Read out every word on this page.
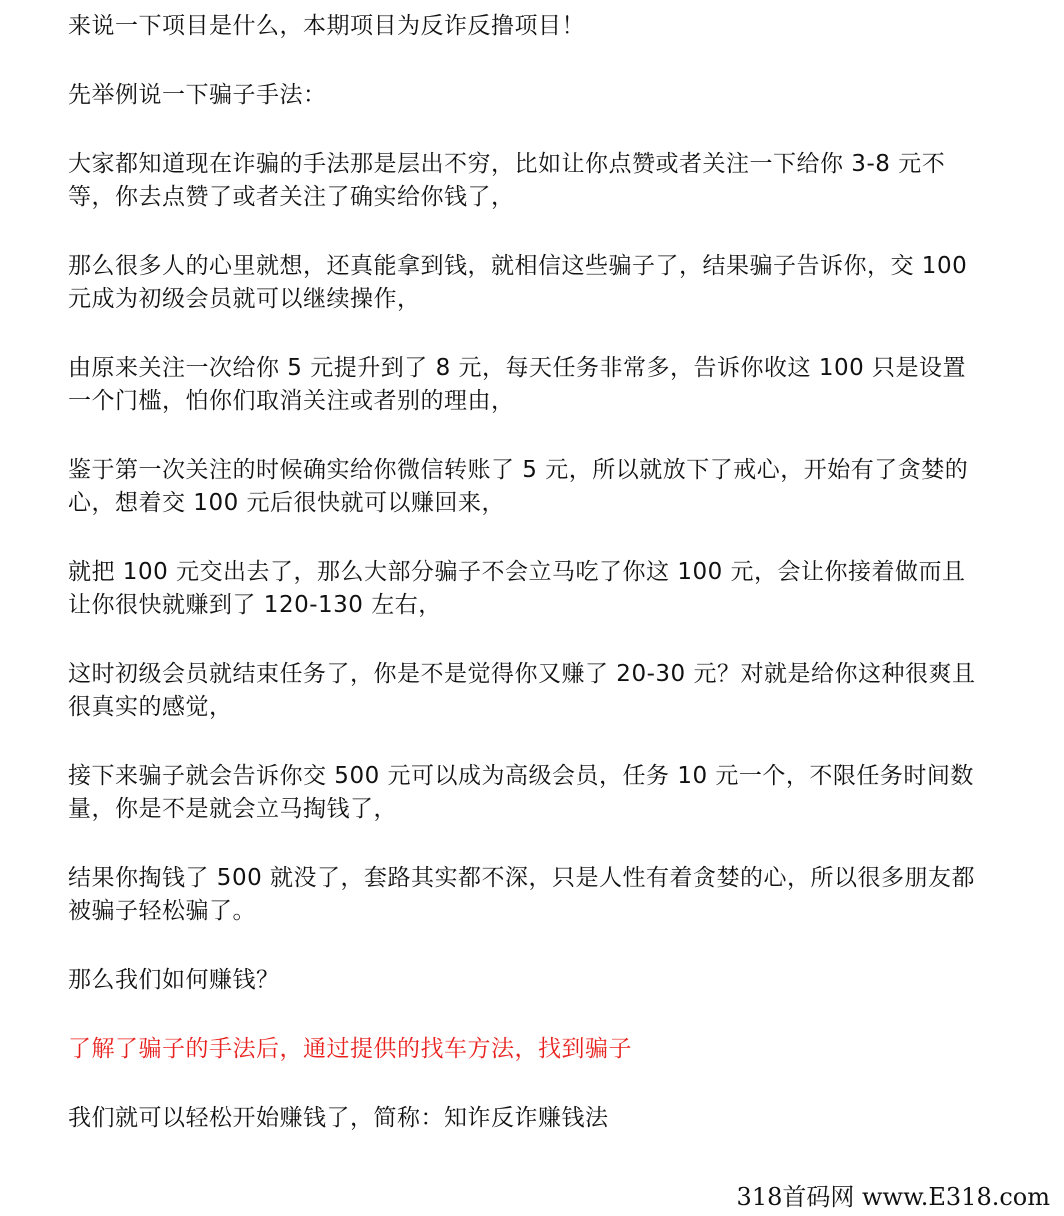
来说一下项目是什么，本期项目为反诈反撸项目！

先举例说一下骗子手法：

大家都知道现在诈骗的手法那是层出不穷，比如让你点赞或者关注一下给你 3-8 元不等，你去点赞了或者关注了确实给你钱了，

那么很多人的心里就想，还真能拿到钱，就相信这些骗子了，结果骗子告诉你，交 100 元成为初级会员就可以继续操作，

由原来关注一次给你 5 元提升到了 8 元，每天任务非常多，告诉你收这 100 只是设置一个门槛，怕你们取消关注或者别的理由，

鉴于第一次关注的时候确实给你微信转账了 5 元，所以就放下了戒心，开始有了贪婪的心，想着交 100 元后很快就可以赚回来，

就把 100 元交出去了，那么大部分骗子不会立马吃了你这 100 元，会让你接着做而且让你很快就赚到了 120-130 左右，

这时初级会员就结束任务了，你是不是觉得你又赚了 20-30 元？对就是给你这种很爽且很真实的感觉，

接下来骗子就会告诉你交 500 元可以成为高级会员，任务 10 元一个，不限任务时间数量，你是不是就会立马掏钱了，

结果你掏钱了 500 就没了，套路其实都不深，只是人性有着贪婪的心，所以很多朋友都被骗子轻松骗了。

那么我们如何赚钱？

了解了骗子的手法后，通过提供的找车方法，找到骗子

我们就可以轻松开始赚钱了，简称：知诈反诈赚钱法

318首码网 www.E318.com
